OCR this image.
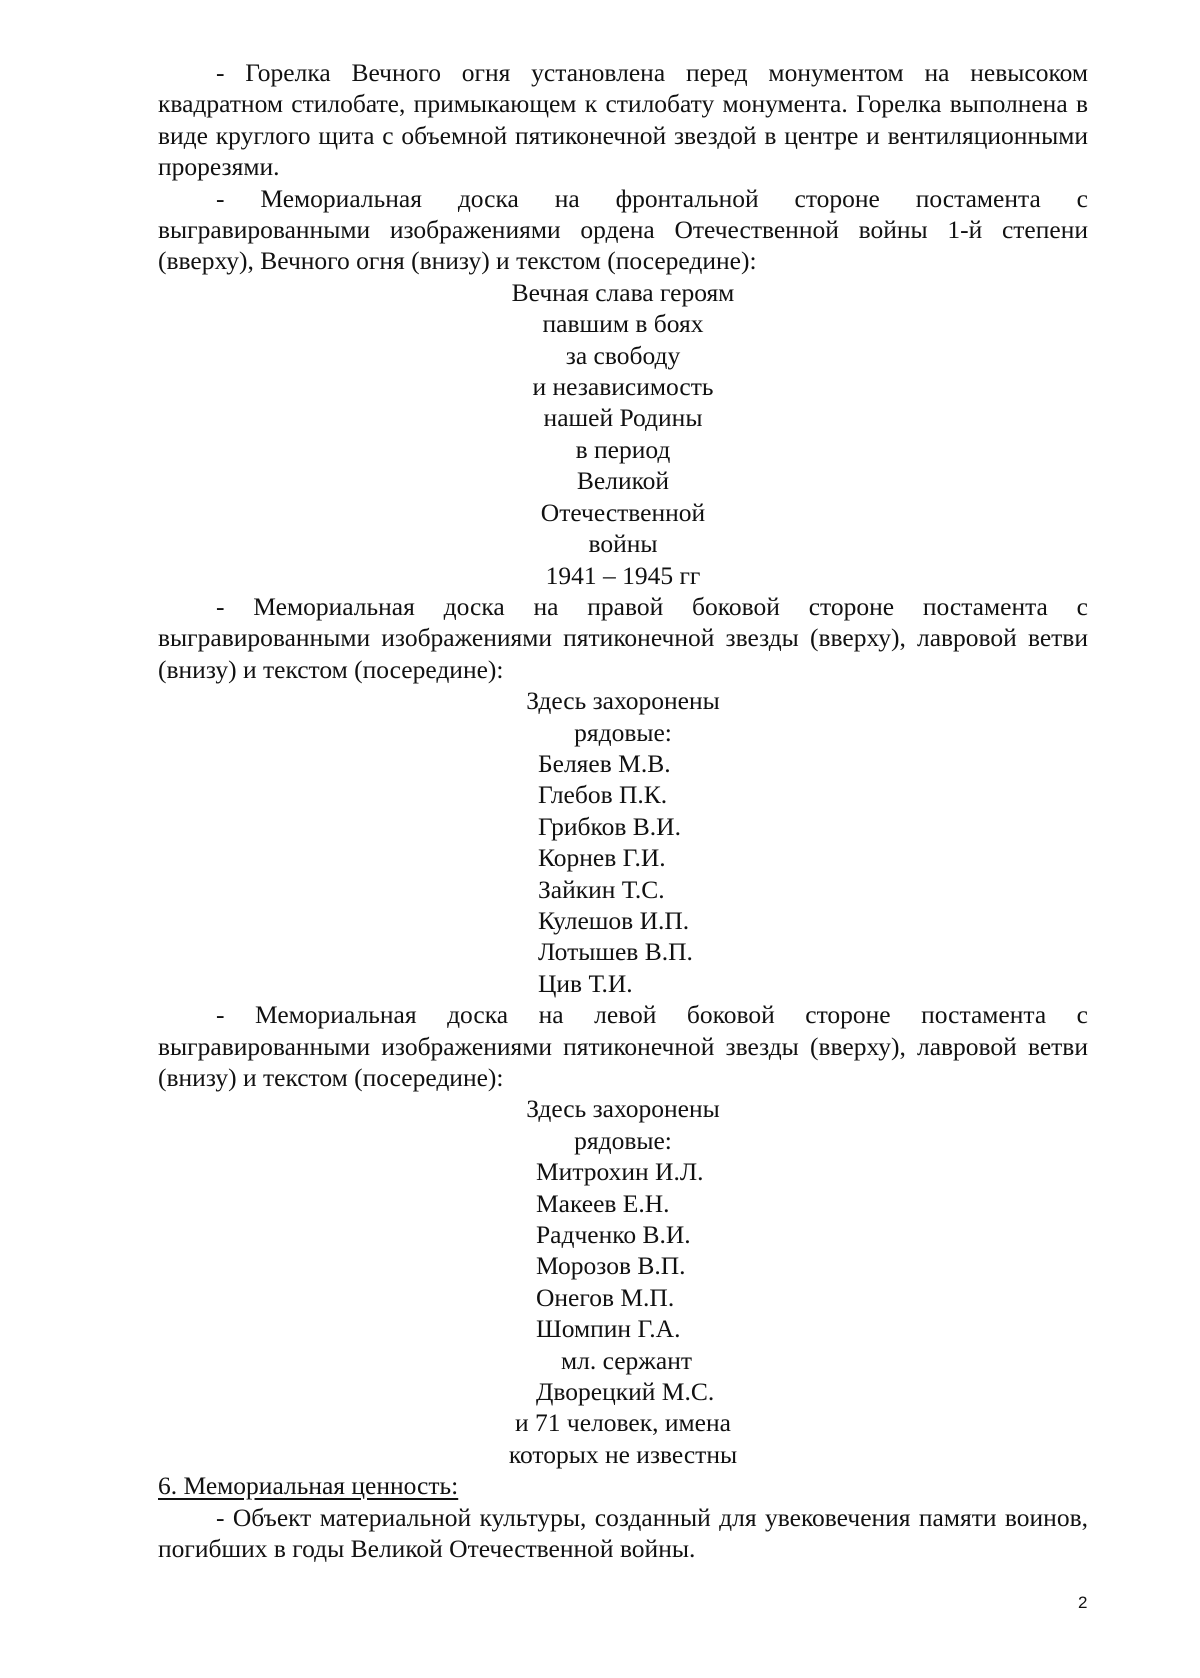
- Горелка Вечного огня установлена перед монументом на невысоком квадратном стилобате, примыкающем к стилобату монумента. Горелка выполнена в виде круглого щита с объемной пятиконечной звездой в центре и вентиляционными прорезями.

- Мемориальная доска на фронтальной стороне постамента с выгравированными изображениями ордена Отечественной войны 1-й степени (вверху), Вечного огня (внизу) и текстом (посередине):

Вечная слава героям
павшим в боях
за свободу
и независимость
нашей Родины
в период
Великой
Отечественной
войны
1941 – 1945 гг

- Мемориальная доска на правой боковой стороне постамента с выгравированными изображениями пятиконечной звезды (вверху), лавровой ветви (внизу) и текстом (посередине):

Здесь захоронены
рядовые:
Беляев М.В.
Глебов П.К.
Грибков В.И.
Корнев Г.И.
Зайкин Т.С.
Кулешов И.П.
Лотышев В.П.
Цив Т.И.

- Мемориальная доска на левой боковой стороне постамента с выгравированными изображениями пятиконечной звезды (вверху), лавровой ветви (внизу) и текстом (посередине):

Здесь захоронены
рядовые:
Митрохин И.Л.
Макеев Е.Н.
Радченко В.И.
Морозов В.П.
Онегов М.П.
Шомпин Г.А.
мл. сержант
Дворецкий М.С.
и 71 человек, имена
которых не известны
6. Мемориальная ценность:

- Объект материальной культуры, созданный для увековечения памяти воинов, погибших в годы Великой Отечественной войны.

2
